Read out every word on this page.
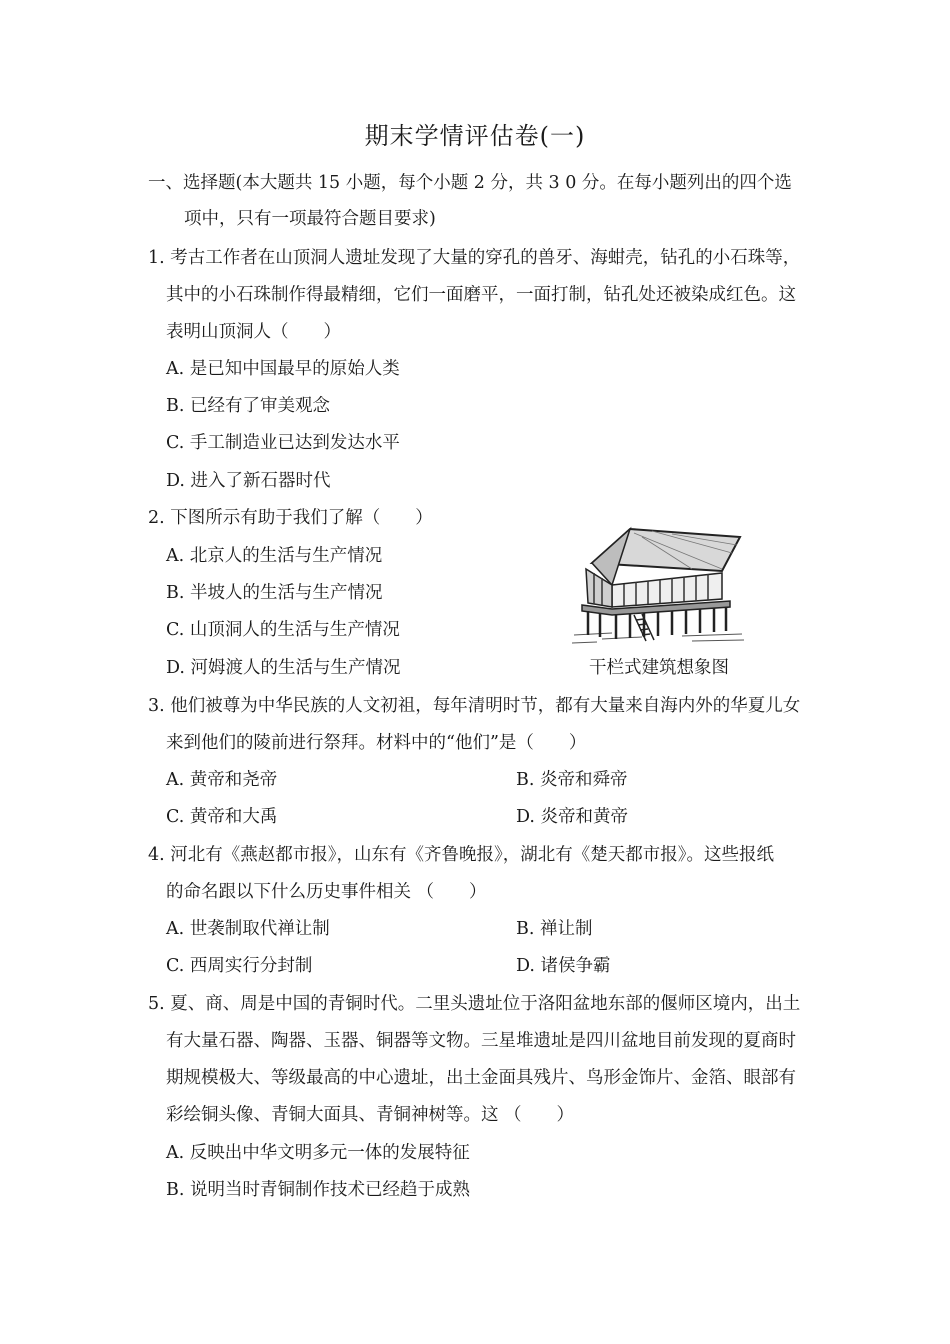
期末学情评估卷(一)
一、选择题(本大题共 15 小题，每个小题 2 分，共 3 0 分。在每小题列出的四个选
项中，只有一项最符合题目要求)
1. 考古工作者在山顶洞人遗址发现了大量的穿孔的兽牙、海蚶壳，钻孔的小石珠等，
其中的小石珠制作得最精细，它们一面磨平，一面打制，钻孔处还被染成红色。这
表明山顶洞人（　　）
A. 是已知中国最早的原始人类
B. 已经有了审美观念
C. 手工制造业已达到发达水平
D. 进入了新石器时代
2. 下图所示有助于我们了解（　　）
A. 北京人的生活与生产情况
B. 半坡人的生活与生产情况
C. 山顶洞人的生活与生产情况
D. 河姆渡人的生活与生产情况	干栏式建筑想象图
3. 他们被尊为中华民族的人文初祖，每年清明时节，都有大量来自海内外的华夏儿女
来到他们的陵前进行祭拜。材料中的“他们”是（　　）
A. 黄帝和尧帝	B. 炎帝和舜帝
C. 黄帝和大禹	D. 炎帝和黄帝
4. 河北有《燕赵都市报》，山东有《齐鲁晚报》，湖北有《楚天都市报》。这些报纸
的命名跟以下什么历史事件相关 （　　）
A. 世袭制取代禅让制	B. 禅让制
C. 西周实行分封制	D. 诸侯争霸
5. 夏、商、周是中国的青铜时代。二里头遗址位于洛阳盆地东部的偃师区境内，出土
有大量石器、陶器、玉器、铜器等文物。三星堆遗址是四川盆地目前发现的夏商时
期规模极大、等级最高的中心遗址，出土金面具残片、鸟形金饰片、金箔、眼部有
彩绘铜头像、青铜大面具、青铜神树等。这 （　　）
A. 反映出中华文明多元一体的发展特征
B. 说明当时青铜制作技术已经趋于成熟
